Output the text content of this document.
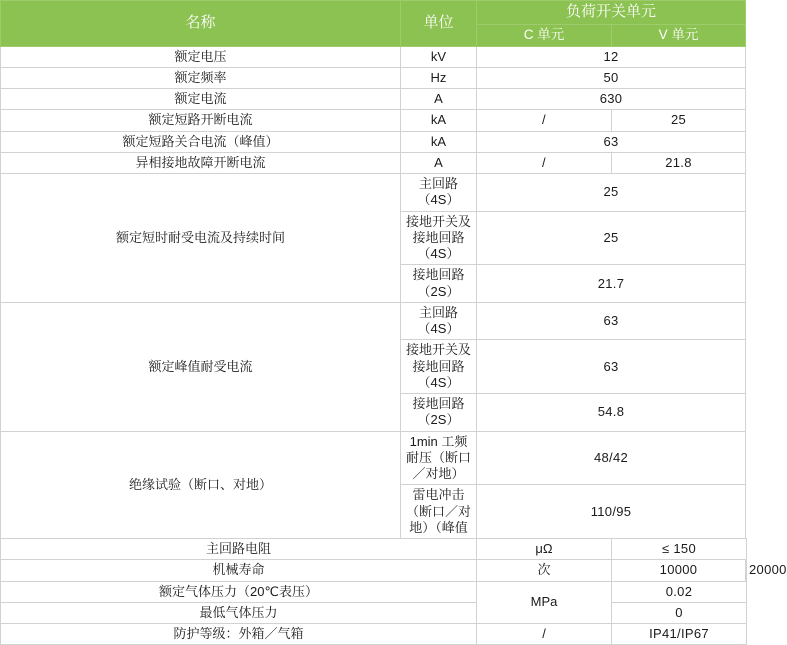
名称	单位	负荷开关单元		
		C 单元	V 单元	
额定电压	kV	12		
额定频率	Hz	50		
额定电流	A	630		
额定短路开断电流	kA	/	25	
额定短路关合电流（峰值）	kA	63		
异相接地故障开断电流	A	/	21.8	
额定短时耐受电流及持续时间	主回路（4S）	25		
	接地开关及接地回路（4S）	25		
	接地回路（2S）	21.7		
额定峰值耐受电流	主回路（4S）	63		
	接地开关及接地回路（4S）	63		
	接地回路（2S）	54.8		
绝缘试验（断口、对地）	1min 工频耐压（断口／对地）	48/42		
	雷电冲击（断口／对地）（峰值	110/95		
主回路电阻		μΩ	≤ 150	
机械寿命		次	10000	20000
额定气体压力（20℃表压）		MPa	0.02	
最低气体压力			0	
防护等级：外箱／气箱		/	IP41/IP67	
